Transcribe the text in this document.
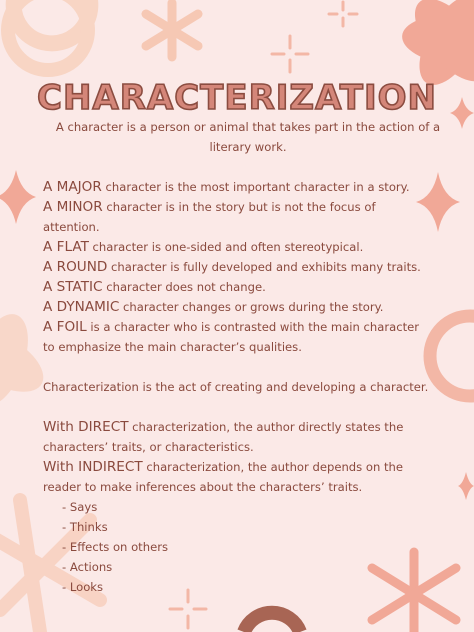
CHARACTERIZATION
A character is a person or animal that takes part in the action of a literary work.
A MAJOR character is the most important character in a story.
A MINOR character is in the story but is not the focus of
attention.
A FLAT character is one-sided and often stereotypical.
A ROUND character is fully developed and exhibits many traits.
A STATIC character does not change.
A DYNAMIC character changes or grows during the story.
A FOIL is a character who is contrasted with the main character
to emphasize the main character’s qualities.
Characterization is the act of creating and developing a character.
With DIRECT characterization, the author directly states the
characters’ traits, or characteristics.
With INDIRECT characterization, the author depends on the
reader to make inferences about the characters’ traits.
- Says
- Thinks
- Effects on others
- Actions
- Looks
